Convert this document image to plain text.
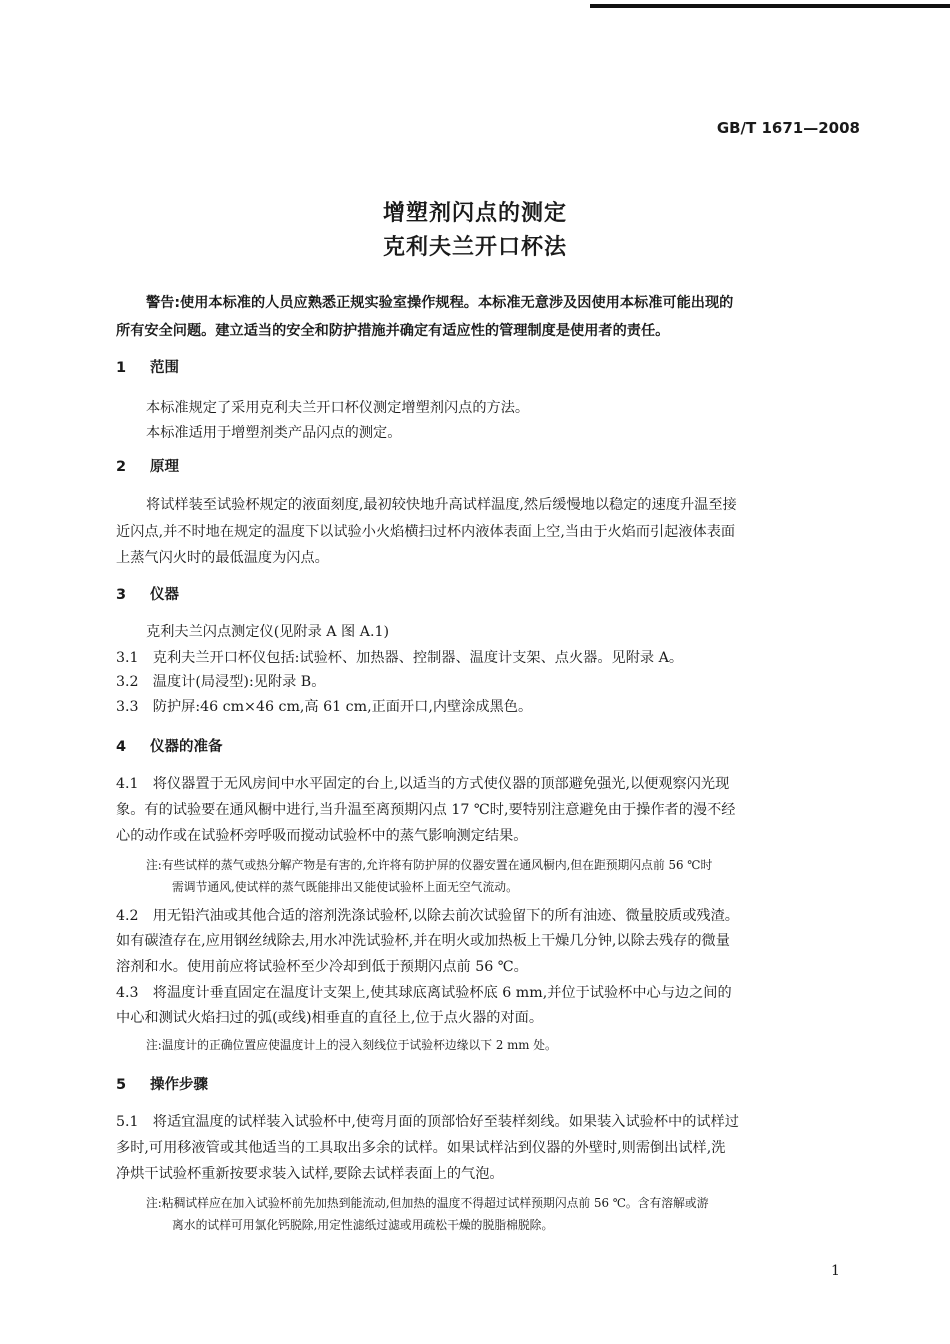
GB/T 1671—2008
增塑剂闪点的测定
克利夫兰开口杯法
警告:使用本标准的人员应熟悉正规实验室操作规程。本标准无意涉及因使用本标准可能出现的
所有安全问题。建立适当的安全和防护措施并确定有适应性的管理制度是使用者的责任。
1 范围
本标准规定了采用克利夫兰开口杯仪测定增塑剂闪点的方法。
本标准适用于增塑剂类产品闪点的测定。
2 原理
将试样装至试验杯规定的液面刻度,最初较快地升高试样温度,然后缓慢地以稳定的速度升温至接
近闪点,并不时地在规定的温度下以试验小火焰横扫过杯内液体表面上空,当由于火焰而引起液体表面
上蒸气闪火时的最低温度为闪点。
3 仪器
克利夫兰闪点测定仪(见附录 A 图 A.1)
3.1　克利夫兰开口杯仪包括:试验杯、加热器、控制器、温度计支架、点火器。见附录 A。
3.2　温度计(局浸型):见附录 B。
3.3　防护屏:46 cm×46 cm,高 61 cm,正面开口,内壁涂成黑色。
4 仪器的准备
4.1　将仪器置于无风房间中水平固定的台上,以适当的方式使仪器的顶部避免强光,以便观察闪光现
象。有的试验要在通风橱中进行,当升温至离预期闪点 17 ℃时,要特别注意避免由于操作者的漫不经
心的动作或在试验杯旁呼吸而搅动试验杯中的蒸气影响测定结果。
注:有些试样的蒸气或热分解产物是有害的,允许将有防护屏的仪器安置在通风橱内,但在距预期闪点前 56 ℃时
需调节通风,使试样的蒸气既能排出又能使试验杯上面无空气流动。
4.2　用无铅汽油或其他合适的溶剂洗涤试验杯,以除去前次试验留下的所有油迹、微量胶质或残渣。
如有碳渣存在,应用钢丝绒除去,用水冲洗试验杯,并在明火或加热板上干燥几分钟,以除去残存的微量
溶剂和水。使用前应将试验杯至少冷却到低于预期闪点前 56 ℃。
4.3　将温度计垂直固定在温度计支架上,使其球底离试验杯底 6 mm,并位于试验杯中心与边之间的
中心和测试火焰扫过的弧(或线)相垂直的直径上,位于点火器的对面。
注:温度计的正确位置应使温度计上的浸入刻线位于试验杯边缘以下 2 mm 处。
5 操作步骤
5.1　将适宜温度的试样装入试验杯中,使弯月面的顶部恰好至装样刻线。如果装入试验杯中的试样过
多时,可用移液管或其他适当的工具取出多余的试样。如果试样沾到仪器的外壁时,则需倒出试样,洗
净烘干试验杯重新按要求装入试样,要除去试样表面上的气泡。
注:粘稠试样应在加入试验杯前先加热到能流动,但加热的温度不得超过试样预期闪点前 56 ℃。含有溶解或游
离水的试样可用氯化钙脱除,用定性滤纸过滤或用疏松干燥的脱脂棉脱除。
1
